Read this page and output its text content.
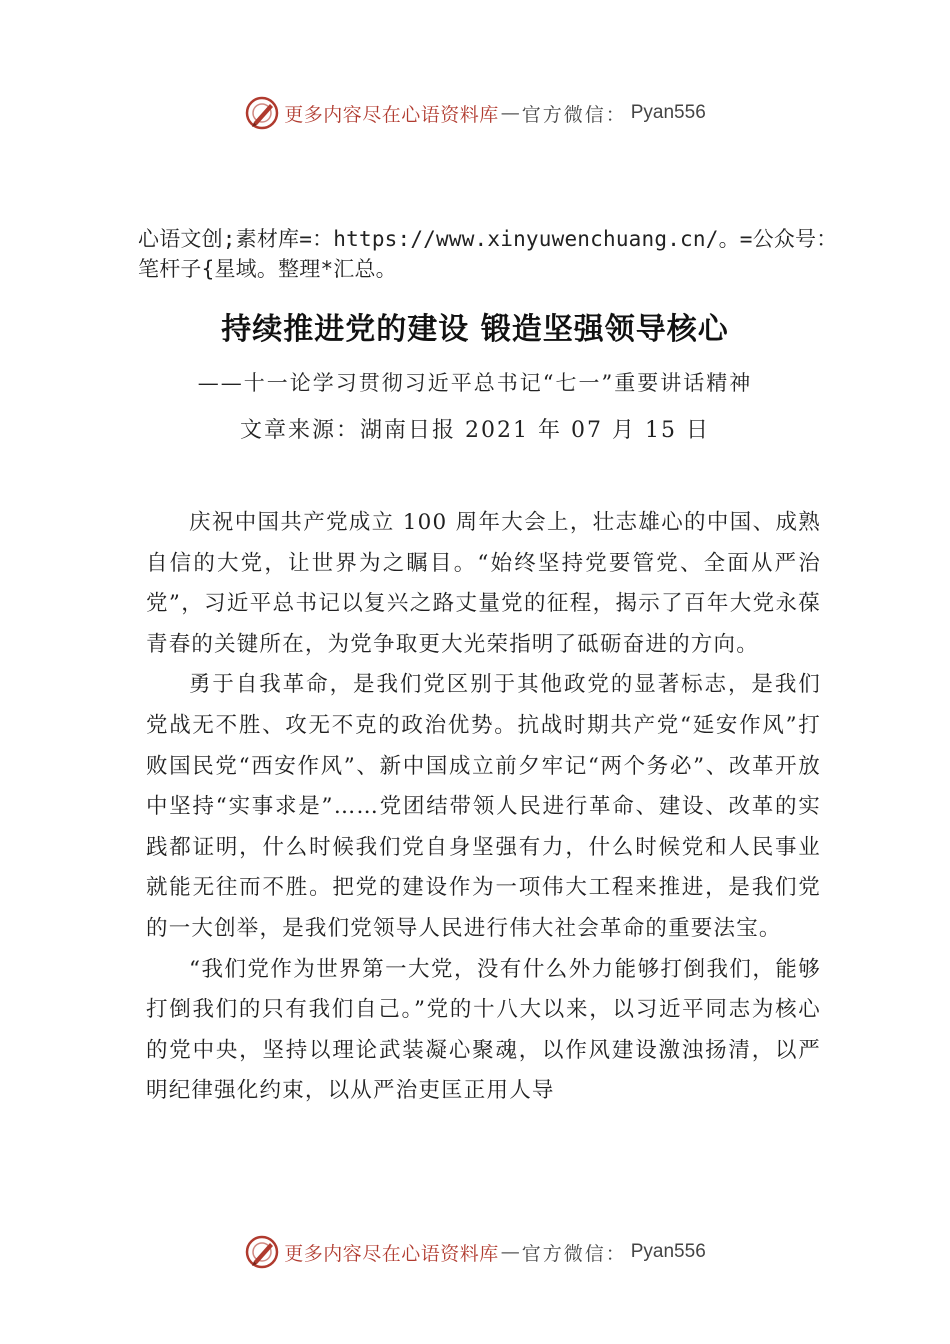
更多内容尽在心语资料库 — 官方微信： Pyan556
心语文创;素材库=：https://www.xinyuwenchuang.cn/。=公众号：笔杆子{星域。整理*汇总。
持续推进党的建设 锻造坚强领导核心
——十一论学习贯彻习近平总书记“七一”重要讲话精神
文章来源：湖南日报 2021 年 07 月 15 日

庆祝中国共产党成立 100 周年大会上，壮志雄心的中国、成熟自信的大党，让世界为之瞩目。“始终坚持党要管党、全面从严治党”，习近平总书记以复兴之路丈量党的征程，揭示了百年大党永葆青春的关键所在，为党争取更大光荣指明了砥砺奋进的方向。

勇于自我革命，是我们党区别于其他政党的显著标志，是我们党战无不胜、攻无不克的政治优势。抗战时期共产党“延安作风”打败国民党“西安作风”、新中国成立前夕牢记“两个务必”、改革开放中坚持“实事求是”……党团结带领人民进行革命、建设、改革的实践都证明，什么时候我们党自身坚强有力，什么时候党和人民事业就能无往而不胜。把党的建设作为一项伟大工程来推进，是我们党的一大创举，是我们党领导人民进行伟大社会革命的重要法宝。

“我们党作为世界第一大党，没有什么外力能够打倒我们，能够打倒我们的只有我们自己。”党的十八大以来，以习近平同志为核心的党中央，坚持以理论武装凝心聚魂，以作风建设激浊扬清，以严明纪律强化约束，以从严治吏匡正用人导

更多内容尽在心语资料库 — 官方微信： Pyan556
